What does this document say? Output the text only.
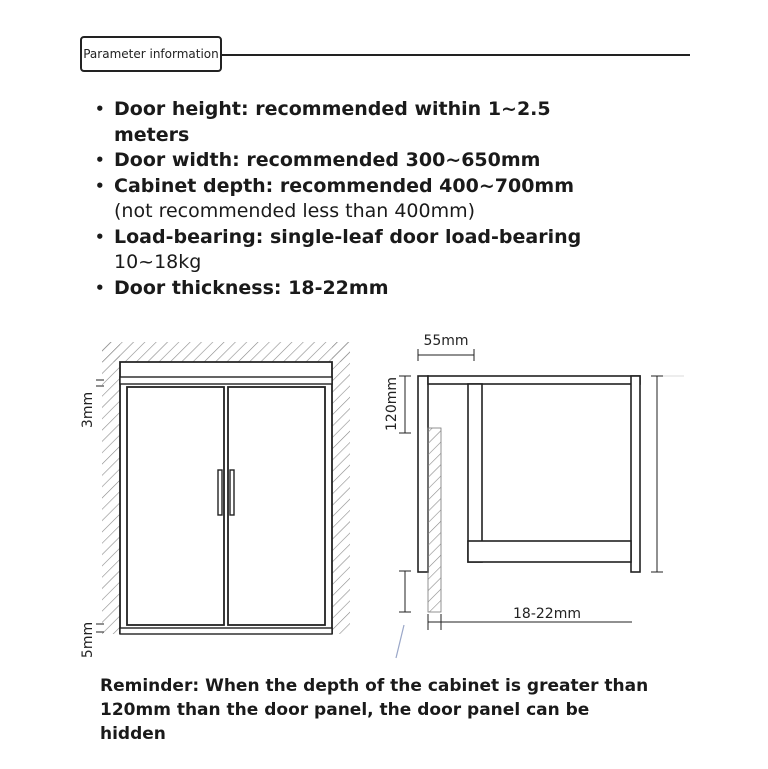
Parameter information
• Door height: recommended within 1~2.5
meters
• Door width: recommended 300~650mm
• Cabinet depth: recommended 400~700mm
(not recommended less than 400mm)
• Load-bearing: single-leaf door load-bearing
10~18kg
• Door thickness: 18-22mm
3mm
5mm
55mm
120mm
18-22mm
Reminder: When the depth of the cabinet is greater than
120mm than the door panel, the door panel can be hidden
